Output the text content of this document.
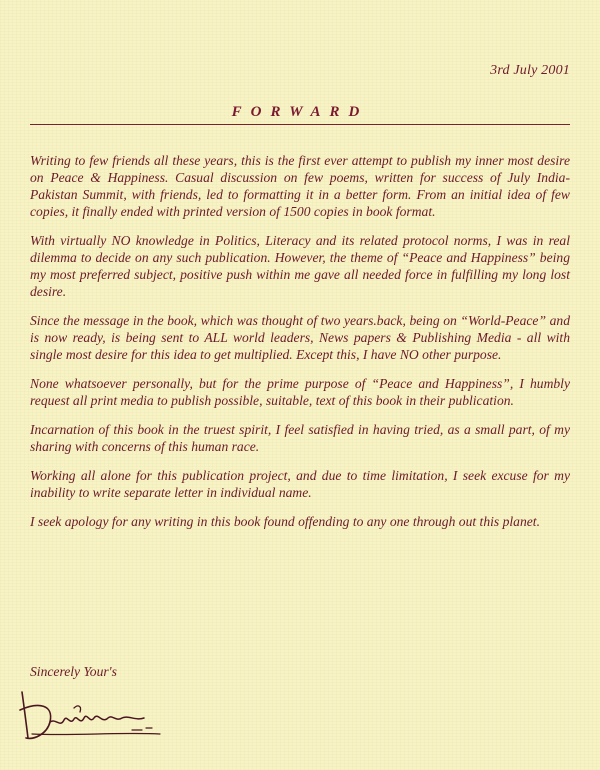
3rd July 2001
FORWARD

Writing to few friends all these years, this is the first ever attempt to publish my inner most desire on Peace & Happiness. Casual discussion on few poems, written for success of July India-Pakistan Summit, with friends, led to formatting it in a better form. From an initial idea of few copies, it finally ended with printed version of 1500 copies in book format.

With virtually NO knowledge in Politics, Literacy and its related protocol norms, I was in real dilemma to decide on any such publication. However, the theme of “Peace and Happiness” being my most preferred subject, positive push within me gave all needed force in fulfilling my long lost desire.

Since the message in the book, which was thought of two years.back, being on “World-Peace” and is now ready, is being sent to ALL world leaders, News papers & Publishing Media - all with single most desire for this idea to get multiplied. Except this, I have NO other purpose.

None whatsoever personally, but for the prime purpose of “Peace and Happiness”, I humbly request all print media to publish possible, suitable, text of this book in their publication.

Incarnation of this book in the truest spirit, I feel satisfied in having tried, as a small part, of my sharing with concerns of this human race.

Working all alone for this publication project, and due to time limitation, I seek excuse for my inability to write separate letter in individual name.

I seek apology for any writing in this book found offending to any one through out this planet.

Sincerely Your's
